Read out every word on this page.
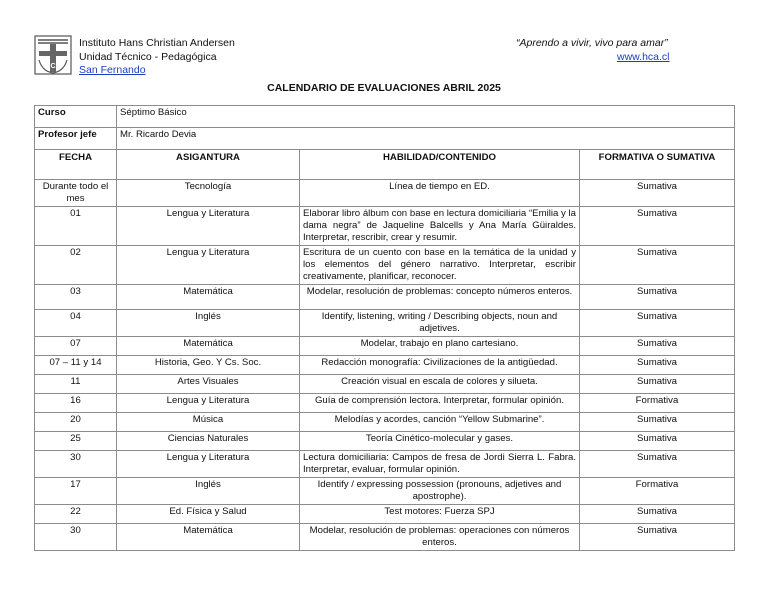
HCA
Instituto Hans Christian Andersen
Unidad Técnico - Pedagógica
San Fernando
“Aprendo a vivir, vivo para amar”
www.hca.cl
CALENDARIO DE EVALUACIONES ABRIL 2025
Curso	Séptimo Básico		
Profesor jefe	Mr. Ricardo Devia		
FECHA	ASIGANTURA	HABILIDAD/CONTENIDO	FORMATIVA O SUMATIVA
Durante todo el mes	Tecnología	Línea de tiempo en ED.	Sumativa
01	Lengua y Literatura	Elaborar libro álbum con base en lectura domiciliaria “Emilia y la dama negra” de Jaqueline Balcells y Ana María Güiraldes. Interpretar, rescribir, crear y resumir.	Sumativa
02	Lengua y Literatura	Escritura de un cuento con base en la temática de la unidad y los elementos del género narrativo. Interpretar, escribir creativamente, planificar, reconocer.	Sumativa
03	Matemática	Modelar, resolución de problemas: concepto números enteros.	Sumativa
04	Inglés	Identify, listening, writing / Describing objects, noun and adjetives.	Sumativa
07	Matemática	Modelar, trabajo en plano cartesiano.	Sumativa
07 – 11 y 14	Historia, Geo. Y Cs. Soc.	Redacción monografía: Civilizaciones de la antigüedad.	Sumativa
11	Artes Visuales	Creación visual en escala de colores y silueta.	Sumativa
16	Lengua y Literatura	Guía de comprensión lectora. Interpretar, formular opinión.	Formativa
20	Música	Melodías y acordes, canción “Yellow Submarine”.	Sumativa
25	Ciencias Naturales	Teoría Cinético-molecular y gases.	Sumativa
30	Lengua y Literatura	Lectura domiciliaria: Campos de fresa de Jordi Sierra L. Fabra. Interpretar, evaluar, formular opinión.	Sumativa
17	Inglés	Identify / expressing possession (pronouns, adjetives and apostrophe).	Formativa
22	Ed. Física y Salud	Test motores: Fuerza SPJ	Sumativa
30	Matemática	Modelar, resolución de problemas: operaciones con números enteros.	Sumativa
